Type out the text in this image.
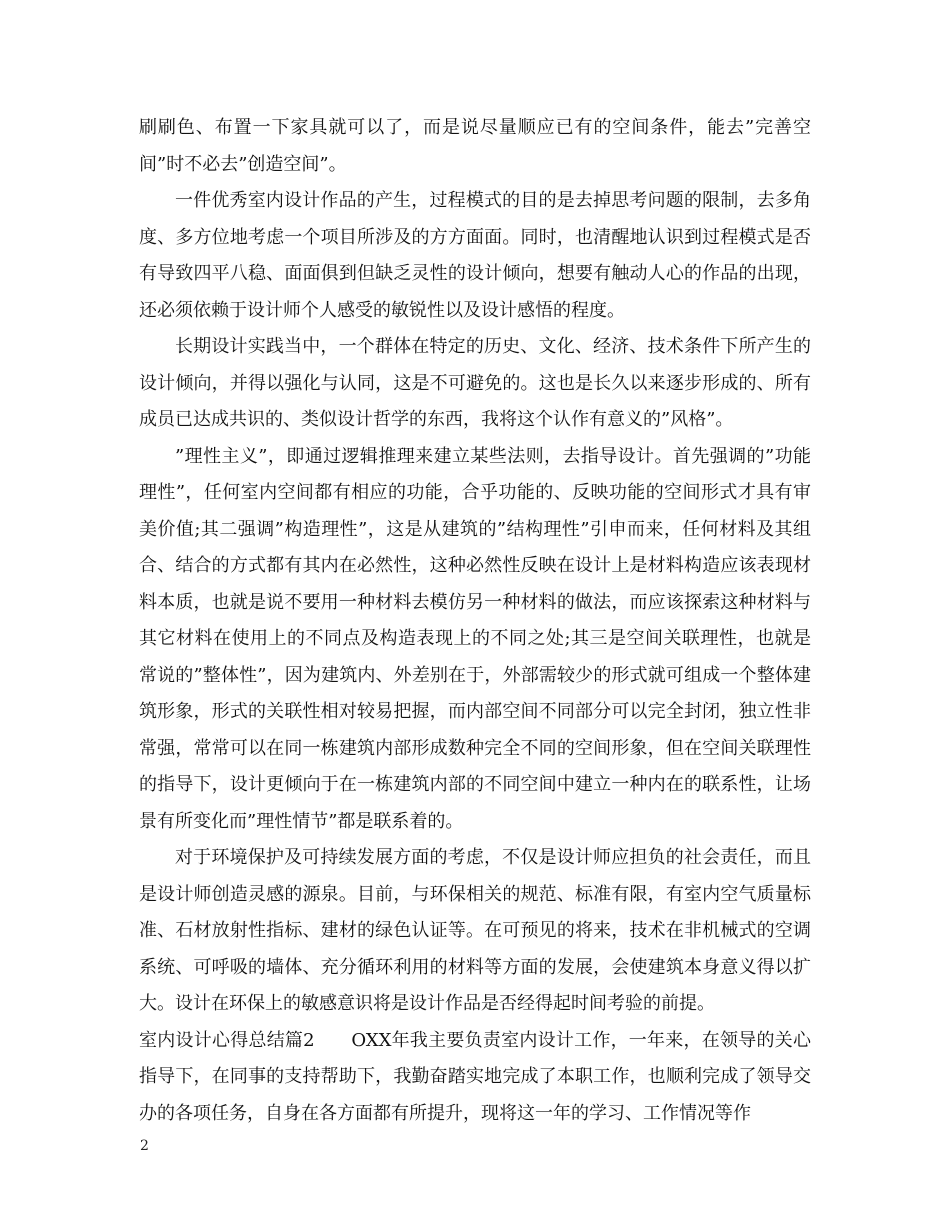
刷刷色、布置一下家具就可以了，而是说尽量顺应已有的空间条件，能去”完善空间”时不必去”创造空间”。

一件优秀室内设计作品的产生，过程模式的目的是去掉思考问题的限制，去多角度、多方位地考虑一个项目所涉及的方方面面。同时，也清醒地认识到过程模式是否有导致四平八稳、面面俱到但缺乏灵性的设计倾向，想要有触动人心的作品的出现，还必须依赖于设计师个人感受的敏锐性以及设计感悟的程度。

长期设计实践当中，一个群体在特定的历史、文化、经济、技术条件下所产生的设计倾向，并得以强化与认同，这是不可避免的。这也是长久以来逐步形成的、所有成员已达成共识的、类似设计哲学的东西，我将这个认作有意义的”风格”。

”理性主义”，即通过逻辑推理来建立某些法则，去指导设计。首先强调的”功能理性”，任何室内空间都有相应的功能，合乎功能的、反映功能的空间形式才具有审美价值;其二强调”构造理性”，这是从建筑的”结构理性”引申而来，任何材料及其组合、结合的方式都有其内在必然性，这种必然性反映在设计上是材料构造应该表现材料本质，也就是说不要用一种材料去模仿另一种材料的做法，而应该探索这种材料与其它材料在使用上的不同点及构造表现上的不同之处;其三是空间关联理性，也就是常说的”整体性”，因为建筑内、外差别在于，外部需较少的形式就可组成一个整体建筑形象，形式的关联性相对较易把握，而内部空间不同部分可以完全封闭，独立性非常强，常常可以在同一栋建筑内部形成数种完全不同的空间形象，但在空间关联理性的指导下，设计更倾向于在一栋建筑内部的不同空间中建立一种内在的联系性，让场景有所变化而”理性情节”都是联系着的。

对于环境保护及可持续发展方面的考虑，不仅是设计师应担负的社会责任，而且是设计师创造灵感的源泉。目前，与环保相关的规范、标准有限，有室内空气质量标准、石材放射性指标、建材的绿色认证等。在可预见的将来，技术在非机械式的空调系统、可呼吸的墙体、充分循环利用的材料等方面的发展，会使建筑本身意义得以扩大。设计在环保上的敏感意识将是设计作品是否经得起时间考验的前提。

室内设计心得总结篇2　　OXX年我主要负责室内设计工作，一年来，在领导的关心指导下，在同事的支持帮助下，我勤奋踏实地完成了本职工作，也顺利完成了领导交办的各项任务，自身在各方面都有所提升，现将这一年的学习、工作情况等作

2
